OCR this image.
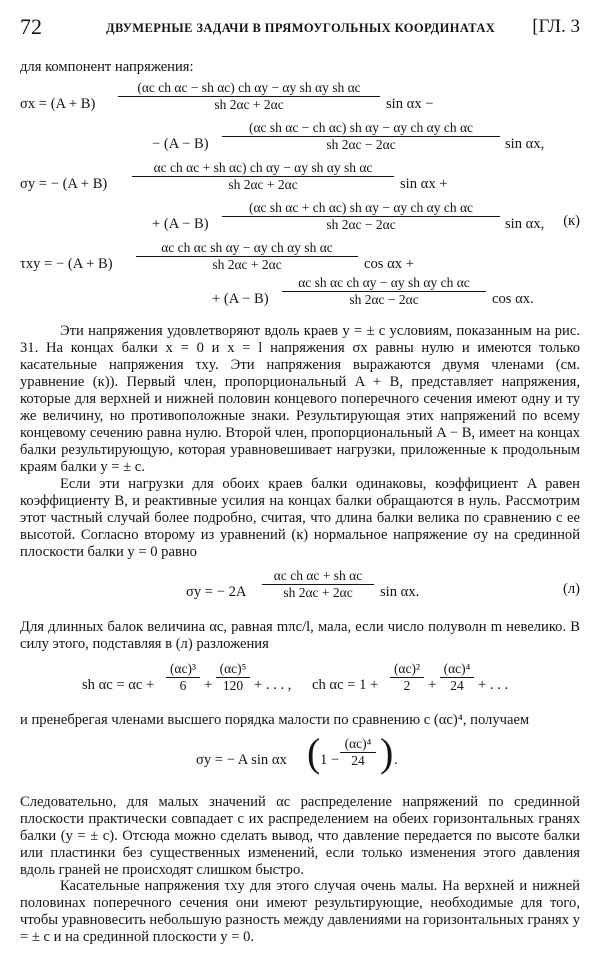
72	ДВУМЕРНЫЕ ЗАДАЧИ В ПРЯМОУГОЛЬНЫХ КООРДИНАТАХ [ГЛ. 3
для компонент напряжения:
$\sigma x = (A + B) \frac{\text{(αc ch αc − sh αc) ch αy − αy sh αy sh αc}}{sh 2\alpha c + 2\alpha c}$ sin αx −
− $(A - B) \frac{\text{(αc sh αc − ch αc) sh αy − αy ch αy ch αc}}{sh 2\alpha c - 2\alpha c}$ sin αx,
σy = − $(A + B) \frac{\text{αc ch αc + sh αc) ch αy − αy sh αy sh αc}}{sh 2\alpha c + 2\alpha c}$ sin αx +
+ $(A - B) \frac{\text{(αc sh αc + ch αc) sh αy − αy ch αy ch αc}}{sh 2\alpha c - 2\alpha c}$ sin αx, (к)
τxy = − $(A + B) \frac{\text{αc ch αc sh αy − αy ch αy sh αc}}{sh 2\alpha c + 2\alpha c}$ cos αx +
+ $(A - B) \frac{\text{αc sh αc ch αy − αy sh αy ch αc}}{sh 2\alpha c - 2\alpha c}$ cos αx.

Эти напряжения удовлетворяют вдоль краев y = ± c условиям, показанным на рис. 31. На концах балки x = 0 и x = l напряжения σx равны нулю и имеются только касательные напряжения τxy. Эти напряжения выражаются двумя членами (см. уравнение (к)). Первый член, пропорциональный A + B, представляет напряжения, которые для верхней и нижней половин концевого поперечного сечения имеют одну и ту же величину, но противоположные знаки. Результирующая этих напряжений по всему концевому сечению равна нулю. Второй член, пропорциональный A − B, имеет на концах балки результирующую, которая уравновешивает нагрузки, приложенные к продольным краям балки y = ± c.

Если эти нагрузки для обоих краев балки одинаковы, коэффициент A равен коэффициенту B, и реактивные усилия на концах балки обращаются в нуль. Рассмотрим этот частный случай более подробно, считая, что длина балки велика по сравнению с ее высотой. Согласно второму из уравнений (к) нормальное напряжение σy на срединной плоскости балки y = 0 равно

σy = − $2A \frac{\text{αc ch αc + sh αc}}{sh 2\alpha c + 2\alpha c}$ sin αx.	(л)

Для длинных балок величина αc, равная mπc/l, мала, если число полуволн m невелико. В силу этого, подставляя в (л) разложения

sh $\alpha c = \alpha c + \frac{\text{(αc)³}}{6} + \frac{\text{(αc)⁵}}{120}$ + . . . , ch $\alpha c = 1 + \frac{\text{(αc)²}}{2} + \frac{\text{(αc)⁴}}{24}$ + . . .

и пренебрегая членами высшего порядка малости по сравнению с (αc)⁴, получаем

σy = − A sin αx ( $1 - \frac{\text{(αc)⁴}}{24}$ ) .

Следовательно, для малых значений αc распределение напряжений по срединной плоскости практически совпадает с их распределением на обеих горизонтальных гранях балки (y = ± c). Отсюда можно сделать вывод, что давление передается по высоте балки или пластинки без существенных изменений, если только изменения этого давления вдоль граней не происходят слишком быстро.

Касательные напряжения τxy для этого случая очень малы. На верхней и нижней половинах поперечного сечения они имеют результирующие, необходимые для того, чтобы уравновесить небольшую разность между давлениями на горизонтальных гранях y = ± c и на срединной плоскости y = 0.
